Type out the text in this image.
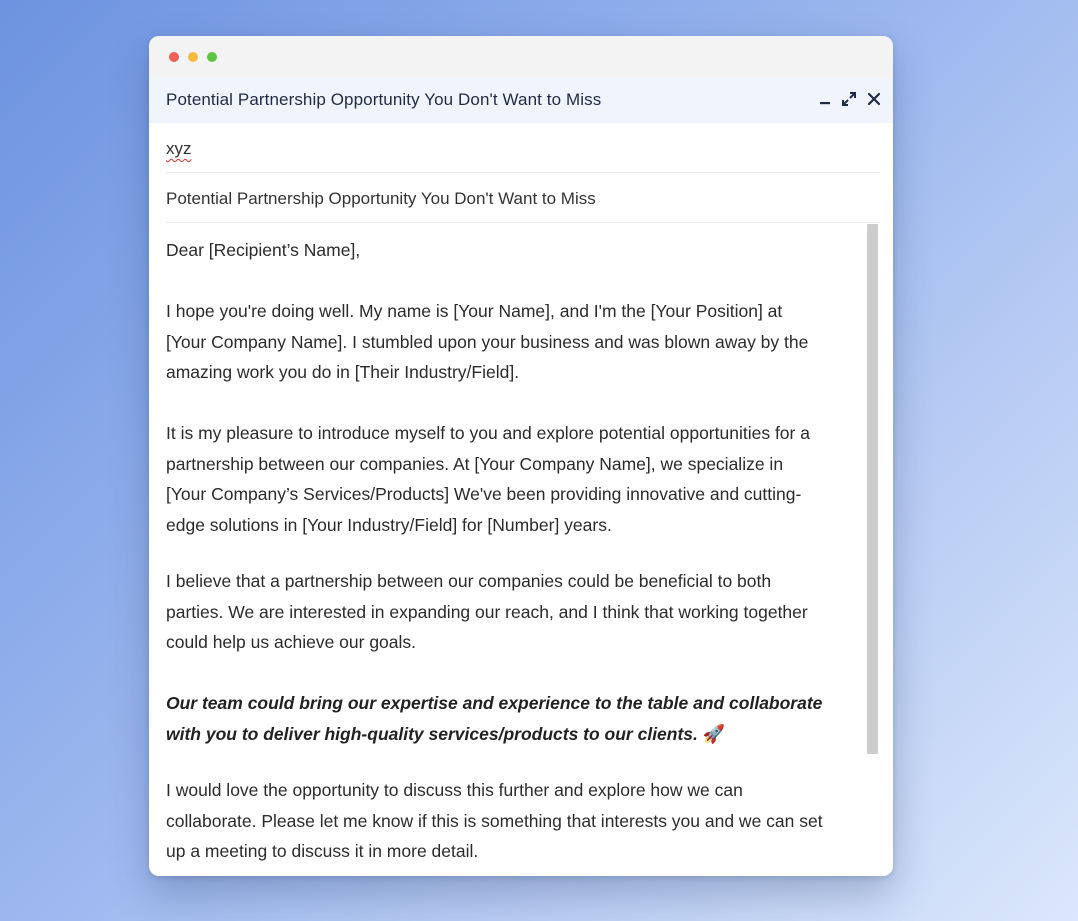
Potential Partnership Opportunity You Don't Want to Miss
xyz
Potential Partnership Opportunity You Don't Want to Miss

Dear [Recipient’s Name],

I hope you're doing well. My name is [Your Name], and I'm the [Your Position] at

[Your Company Name]. I stumbled upon your business and was blown away by the

amazing work you do in [Their Industry/Field].

It is my pleasure to introduce myself to you and explore potential opportunities for a

partnership between our companies. At [Your Company Name], we specialize in

[Your Company’s Services/Products] We've been providing innovative and cutting-

edge solutions in [Your Industry/Field] for [Number] years.

I believe that a partnership between our companies could be beneficial to both

parties. We are interested in expanding our reach, and I think that working together

could help us achieve our goals.

Our team could bring our expertise and experience to the table and collaborate

with you to deliver high-quality services/products to our clients. 🚀

I would love the opportunity to discuss this further and explore how we can

collaborate. Please let me know if this is something that interests you and we can set

up a meeting to discuss it in more detail.
